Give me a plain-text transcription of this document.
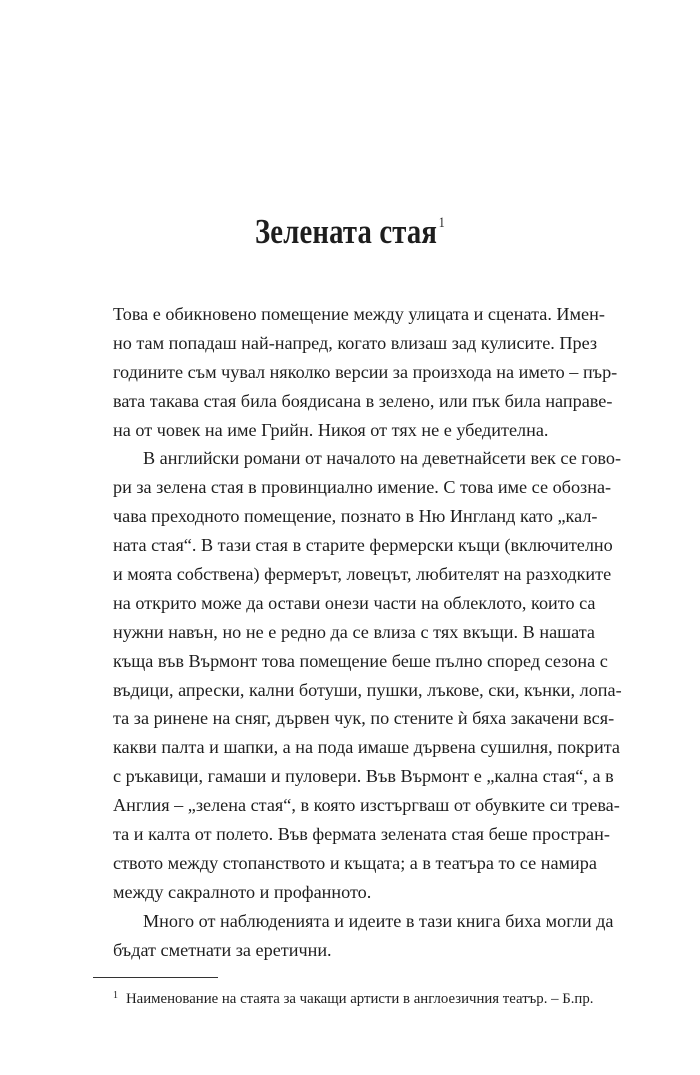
Зелената стая $^1$
Това е обикновено помещение между улицата и сцената. Имен-
но там попадаш най-напред, когато влизаш зад кулисите. През
годините съм чувал няколко версии за произхода на името – пър-
вата такава стая била боядисана в зелено, или пък била направе-
на от човек на име Грийн. Никоя от тях не е убедителна.
В английски романи от началото на деветнайсети век се гово-
ри за зелена стая в провинциално имение. С това име се обозна-
чава преходното помещение, познато в Ню Ингланд като „кал-
ната стая“. В тази стая в старите фермерски къщи (включително
и моята собствена) фермерът, ловецът, любителят на разходките
на открито може да остави онези части на облеклото, които са
нужни навън, но не е редно да се влиза с тях вкъщи. В нашата
къща във Върмонт това помещение беше пълно според сезона с
въдици, апрески, кални ботуши, пушки, лъкове, ски, кънки, лопа-
та за ринене на сняг, дървен чук, по стените ѝ бяха закачени вся-
какви палта и шапки, а на пода имаше дървена сушилня, покрита
с ръкавици, гамаши и пуловери. Във Върмонт е „кална стая“, а в
Англия – „зелена стая“, в която изстъргваш от обувките си трева-
та и калта от полето. Във фермата зелената стая беше простран-
ството между стопанството и къщата; а в театъра то се намира
между сакралното и профанното.
Много от наблюденията и идеите в тази книга биха могли да
бъдат сметнати за еретични.
$^1$ Наименование на стаята за чакащи артисти в англоезичния театър. – Б.пр.
